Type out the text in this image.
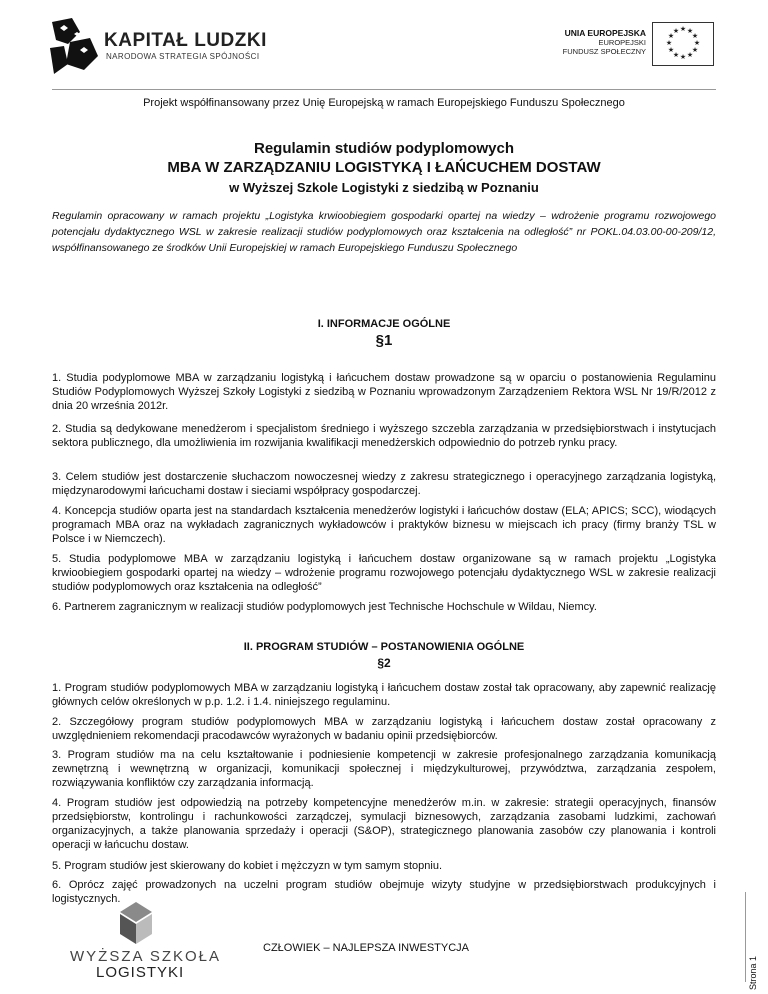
KAPITAŁ LUDZKI
NARODOWA STRATEGIA SPÓJNOŚCI
UNIA EUROPEJSKA
EUROPEJSKI
FUNDUSZ SPOŁECZNY
★ ★
★
★
★
★
★
★
★
★
★
★
Projekt współfinansowany przez Unię Europejską w ramach Europejskiego Funduszu Społecznego
Regulamin studiów podyplomowych
MBA W ZARZĄDZANIU LOGISTYKĄ I ŁAŃCUCHEM DOSTAW
w Wyższej Szkole Logistyki z siedzibą w Poznaniu
Regulamin opracowany w ramach projektu „Logistyka krwioobiegiem gospodarki opartej na wiedzy – wdrożenie programu rozwojowego potencjału dydaktycznego WSL w zakresie realizacji studiów podyplomowych oraz kształcenia na odległość” nr POKL.04.03.00-00-209/12, współfinansowanego ze środków Unii Europejskiej w ramach Europejskiego Funduszu Społecznego
I. INFORMACJE OGÓLNE
§1
1. Studia podyplomowe MBA w zarządzaniu logistyką i łańcuchem dostaw prowadzone są w oparciu o postanowienia Regulaminu Studiów Podyplomowych Wyższej Szkoły Logistyki z siedzibą w Poznaniu wprowadzonym Zarządzeniem Rektora WSL Nr 19/R/2012 z dnia 20 września 2012r.
2. Studia są dedykowane menedżerom i specjalistom średniego i wyższego szczebla zarządzania w przedsiębiorstwach i instytucjach sektora publicznego, dla umożliwienia im rozwijania kwalifikacji menedżerskich odpowiednio do potrzeb rynku pracy.
3. Celem studiów jest dostarczenie słuchaczom nowoczesnej wiedzy z zakresu strategicznego i operacyjnego zarządzania logistyką, międzynarodowymi łańcuchami dostaw i sieciami współpracy gospodarczej.
4. Koncepcja studiów oparta jest na standardach kształcenia menedżerów logistyki i łańcuchów dostaw (ELA; APICS; SCC), wiodących programach MBA oraz na wykładach zagranicznych wykładowców i praktyków biznesu w miejscach ich pracy (firmy branży TSL w Polsce i w Niemczech).
5. Studia podyplomowe MBA w zarządzaniu logistyką i łańcuchem dostaw organizowane są w ramach projektu „Logistyka krwioobiegiem gospodarki opartej na wiedzy – wdrożenie programu rozwojowego potencjału dydaktycznego WSL w zakresie realizacji studiów podyplomowych oraz kształcenia na odległość”
6. Partnerem zagranicznym w realizacji studiów podyplomowych jest Technische Hochschule w Wildau, Niemcy.
II. PROGRAM STUDIÓW – POSTANOWIENIA OGÓLNE
§2
1. Program studiów podyplomowych MBA w zarządzaniu logistyką i łańcuchem dostaw został tak opracowany, aby zapewnić realizację głównych celów określonych w p.p. 1.2. i 1.4. niniejszego regulaminu.
2. Szczegółowy program studiów podyplomowych MBA w zarządzaniu logistyką i łańcuchem dostaw został opracowany z uwzględnieniem rekomendacji pracodawców wyrażonych w badaniu opinii przedsiębiorców.
3. Program studiów ma na celu kształtowanie i podniesienie kompetencji w zakresie profesjonalnego zarządzania komunikacją zewnętrzną i wewnętrzną w organizacji, komunikacji społecznej i międzykulturowej, przywództwa, zarządzania zespołem, rozwiązywania konfliktów czy zarządzania informacją.
4. Program studiów jest odpowiedzią na potrzeby kompetencyjne menedżerów m.in. w zakresie: strategii operacyjnych, finansów przedsiębiorstw, kontrolingu i rachunkowości zarządczej, symulacji biznesowych, zarządzania zasobami ludzkimi, zachowań organizacyjnych, a także planowania sprzedaży i operacji (S&OP), strategicznego planowania zasobów czy planowania i kontroli operacji w łańcuchu dostaw.
5. Program studiów jest skierowany do kobiet i mężczyzn w tym samym stopniu.
6. Oprócz zajęć prowadzonych na uczelni program studiów obejmuje wizyty studyjne w przedsiębiorstwach produkcyjnych i logistycznych.
WYŻSZA SZKOŁA
LOGISTYKI
CZŁOWIEK – NAJLEPSZA INWESTYCJA
Strona 1
